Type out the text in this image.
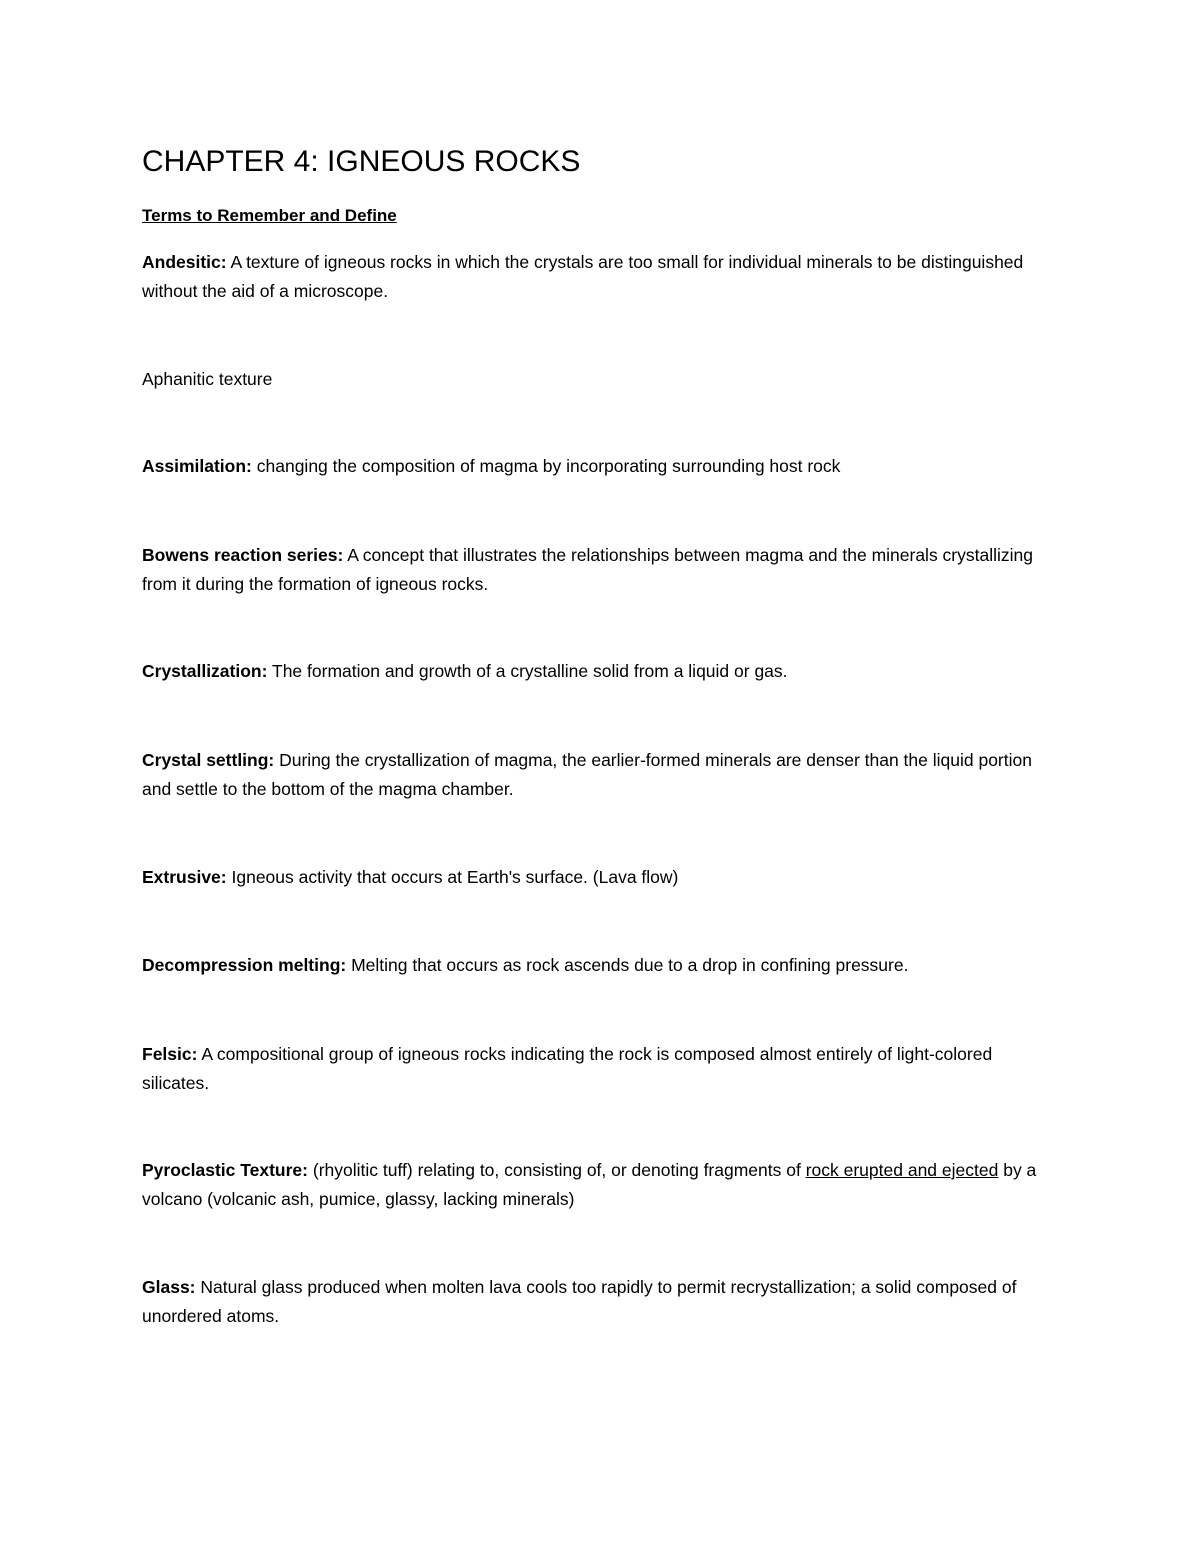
CHAPTER 4: IGNEOUS ROCKS

Terms to Remember and Define

Andesitic: A texture of igneous rocks in which the crystals are too small for individual minerals to be distinguished without the aid of a microscope.

Aphanitic texture

Assimilation: changing the composition of magma by incorporating surrounding host rock

Bowens reaction series: A concept that illustrates the relationships between magma and the minerals crystallizing from it during the formation of igneous rocks.

Crystallization: The formation and growth of a crystalline solid from a liquid or gas.

Crystal settling: During the crystallization of magma, the earlier-formed minerals are denser than the liquid portion and settle to the bottom of the magma chamber.

Extrusive: Igneous activity that occurs at Earth's surface. (Lava flow)

Decompression melting: Melting that occurs as rock ascends due to a drop in confining pressure.

Felsic: A compositional group of igneous rocks indicating the rock is composed almost entirely of light-colored silicates.

Pyroclastic Texture: (rhyolitic tuff) relating to, consisting of, or denoting fragments of rock erupted and ejected by a volcano (volcanic ash, pumice, glassy, lacking minerals)

Glass: Natural glass produced when molten lava cools too rapidly to permit recrystallization; a solid composed of unordered atoms.
